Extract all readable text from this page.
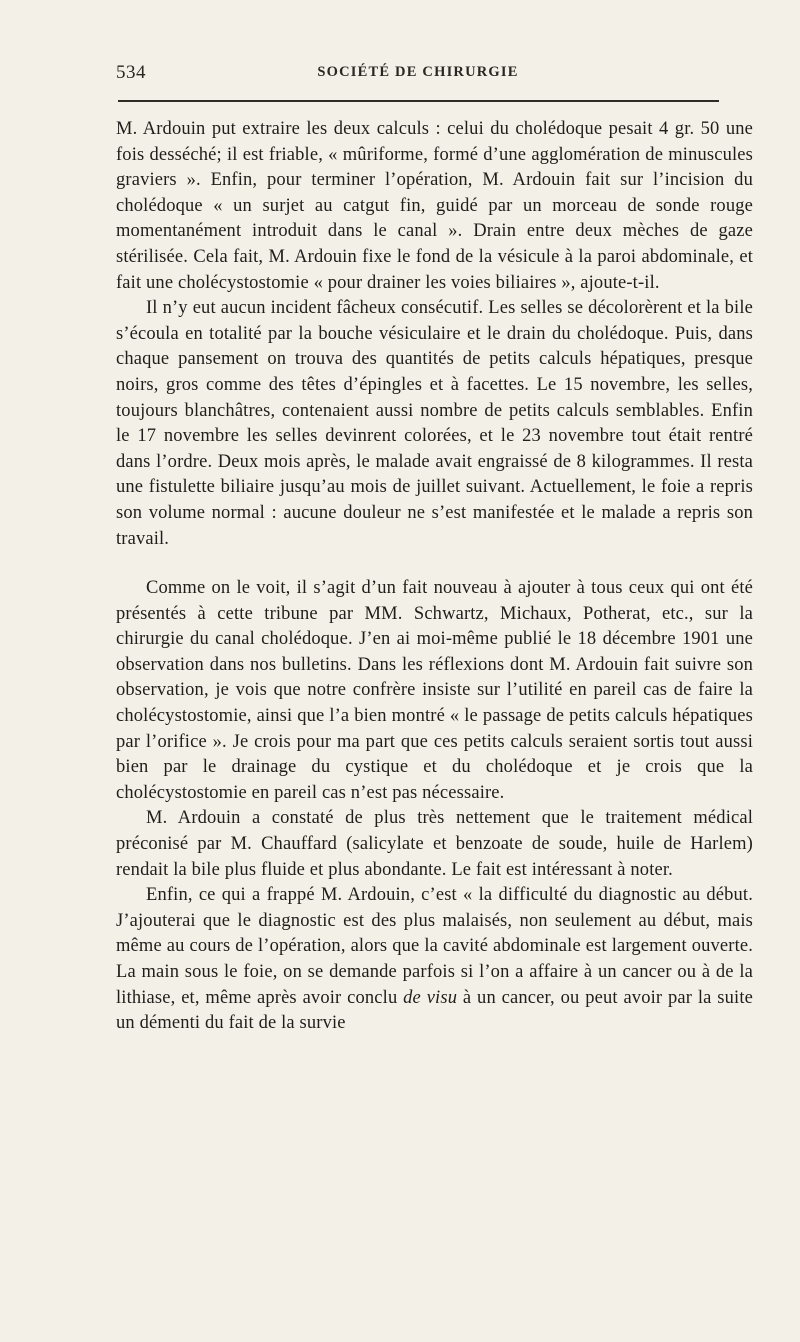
534	SOCIÉTÉ DE CHIRURGIE

M. Ardouin put extraire les deux calculs : celui du cholédoque pesait 4 gr. 50 une fois desséché; il est friable, « mûriforme, formé d’une agglomération de minuscules graviers ». Enfin, pour terminer l’opération, M. Ardouin fait sur l’incision du cholédoque « un surjet au catgut fin, guidé par un morceau de sonde rouge momentanément introduit dans le canal ». Drain entre deux mèches de gaze stérilisée. Cela fait, M. Ardouin fixe le fond de la vésicule à la paroi abdominale, et fait une cholécystostomie « pour drainer les voies biliaires », ajoute-t-il.

Il n’y eut aucun incident fâcheux consécutif. Les selles se décolorèrent et la bile s’écoula en totalité par la bouche vésiculaire et le drain du cholédoque. Puis, dans chaque pansement on trouva des quantités de petits calculs hépatiques, presque noirs, gros comme des têtes d’épingles et à facettes. Le 15 novembre, les selles, toujours blanchâtres, contenaient aussi nombre de petits calculs semblables. Enfin le 17 novembre les selles devinrent colorées, et le 23 novembre tout était rentré dans l’ordre. Deux mois après, le malade avait engraissé de 8 kilogrammes. Il resta une fistulette biliaire jusqu’au mois de juillet suivant. Actuellement, le foie a repris son volume normal : aucune douleur ne s’est manifestée et le malade a repris son travail.

Comme on le voit, il s’agit d’un fait nouveau à ajouter à tous ceux qui ont été présentés à cette tribune par MM. Schwartz, Michaux, Potherat, etc., sur la chirurgie du canal cholédoque. J’en ai moi-même publié le 18 décembre 1901 une observation dans nos bulletins. Dans les réflexions dont M. Ardouin fait suivre son observation, je vois que notre confrère insiste sur l’utilité en pareil cas de faire la cholécystostomie, ainsi que l’a bien montré « le passage de petits calculs hépatiques par l’orifice ». Je crois pour ma part que ces petits calculs seraient sortis tout aussi bien par le drainage du cystique et du cholédoque et je crois que la cholécystostomie en pareil cas n’est pas nécessaire.

M. Ardouin a constaté de plus très nettement que le traitement médical préconisé par M. Chauffard (salicylate et benzoate de soude, huile de Harlem) rendait la bile plus fluide et plus abondante. Le fait est intéressant à noter.

Enfin, ce qui a frappé M. Ardouin, c’est « la difficulté du diagnostic au début. J’ajouterai que le diagnostic est des plus malaisés, non seulement au début, mais même au cours de l’opération, alors que la cavité abdominale est largement ouverte. La main sous le foie, on se demande parfois si l’on a affaire à un cancer ou à de la lithiase, et, même après avoir conclu de visu à un cancer, ou peut avoir par la suite un démenti du fait de la survie
